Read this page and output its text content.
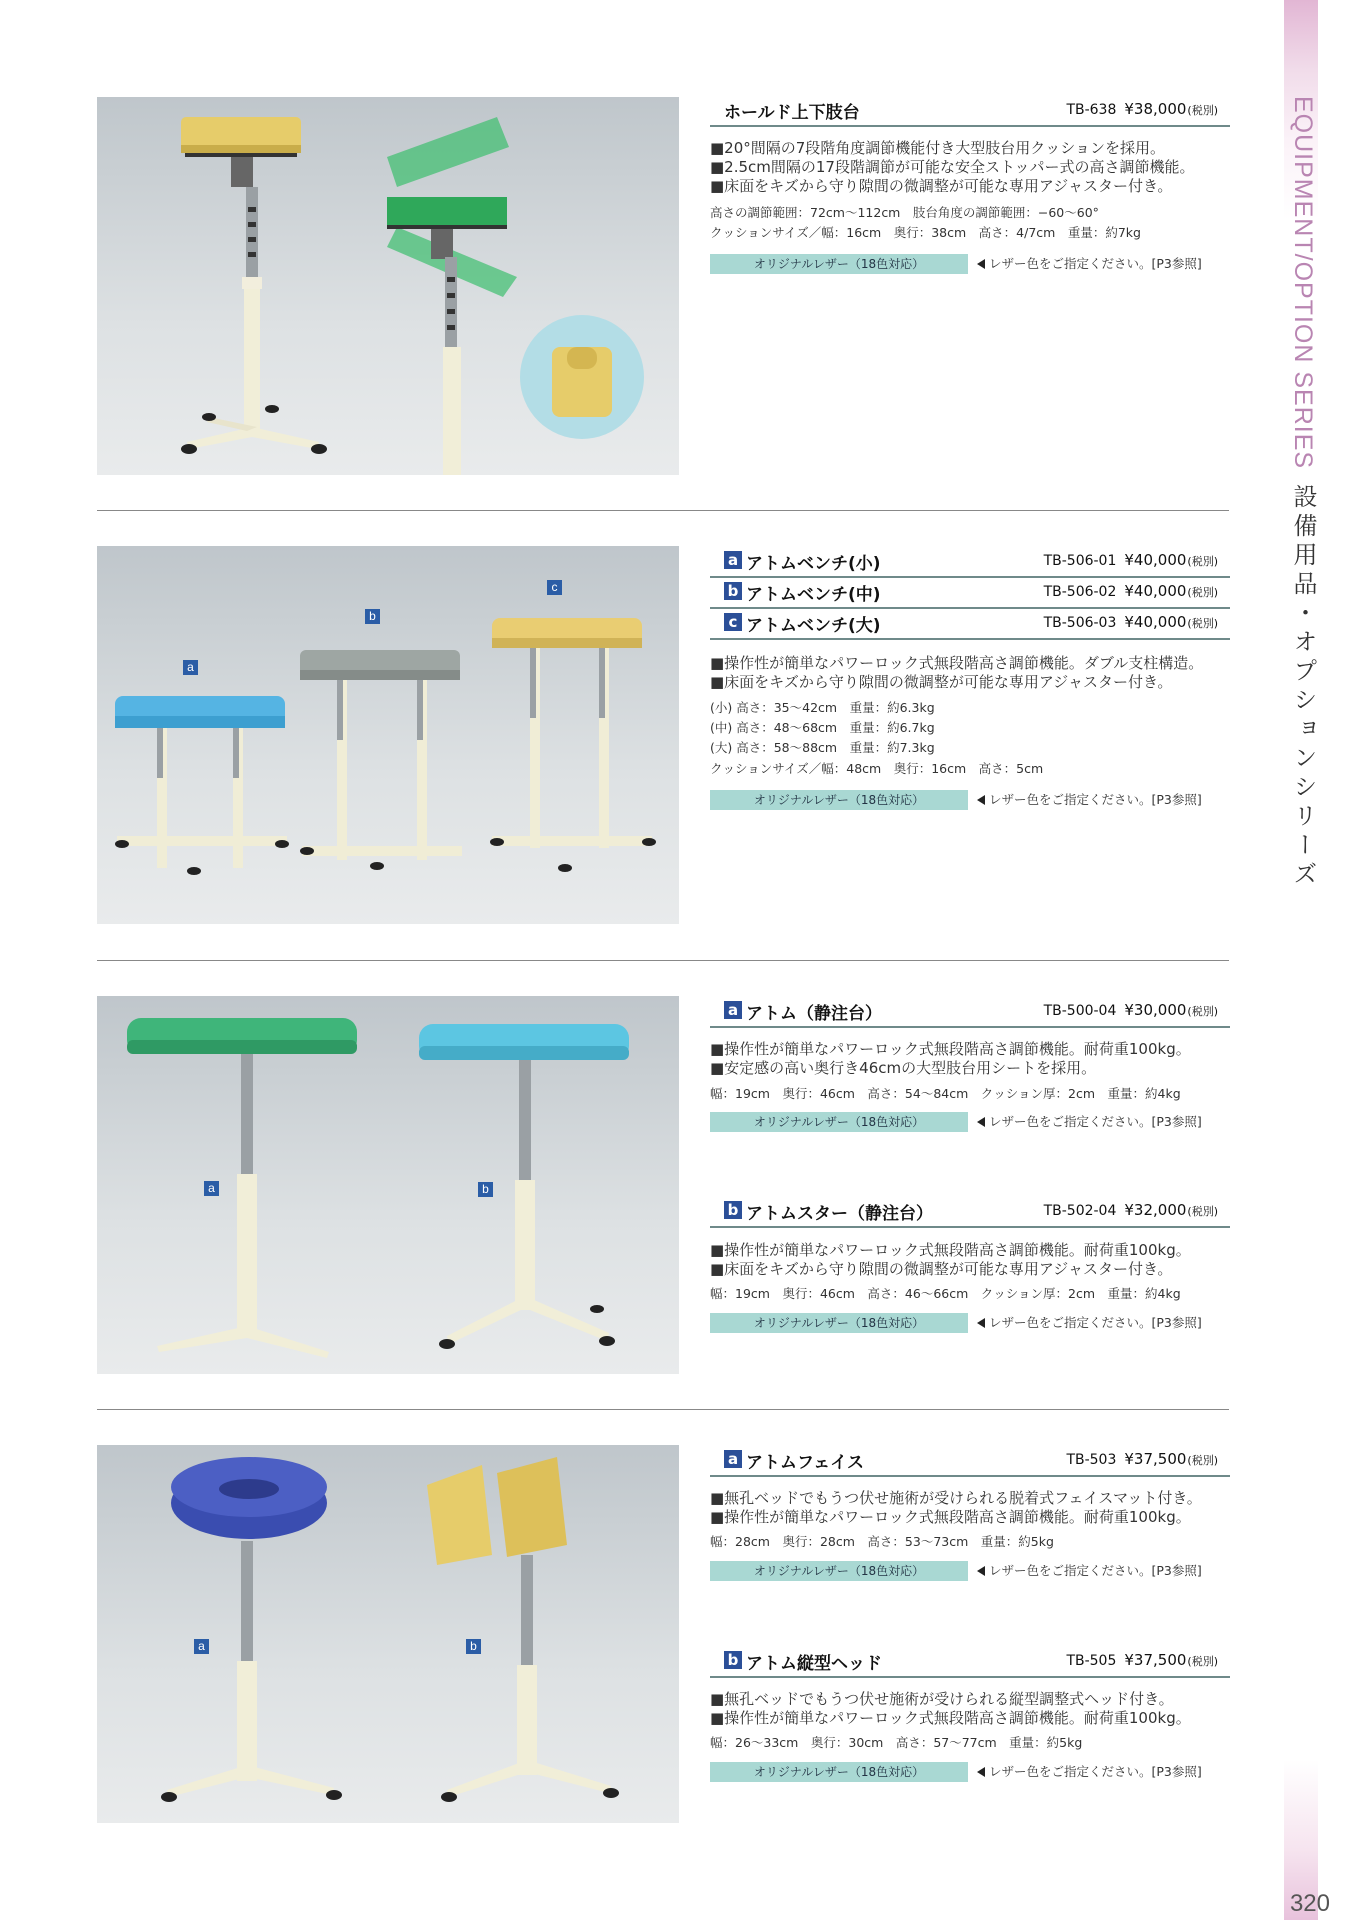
EQUIPMENT/OPTION SERIES
設備用品・オプションシリーズ
320
a
b
c
a	b
a	b
ホールド上下肢台	TB-638 ¥38,000(税別)
■20°間隔の7段階角度調節機能付き大型肢台用クッションを採用。
■2.5cm間隔の17段階調節が可能な安全ストッパー式の高さ調節機能。
■床面をキズから守り隙間の微調整が可能な専用アジャスター付き。
高さの調節範囲：72cm〜112cm　肢台角度の調節範囲：−60〜60°
クッションサイズ／幅：16cm　奥行：38cm　高さ：4/7cm　重量：約7kg
オリジナルレザー（18色対応）	レザー色をご指定ください。[P3参照]
a アトムベンチ(小)	TB-506-01 ¥40,000(税別)
b アトムベンチ(中)	TB-506-02 ¥40,000(税別)
c アトムベンチ(大)	TB-506-03 ¥40,000(税別)
■操作性が簡単なパワーロック式無段階高さ調節機能。ダブル支柱構造。
■床面をキズから守り隙間の微調整が可能な専用アジャスター付き。
(小) 高さ：35〜42cm　重量：約6.3kg
(中) 高さ：48〜68cm　重量：約6.7kg
(大) 高さ：58〜88cm　重量：約7.3kg
クッションサイズ／幅：48cm　奥行：16cm　高さ：5cm
オリジナルレザー（18色対応）	レザー色をご指定ください。[P3参照]
a アトム（静注台）	TB-500-04 ¥30,000(税別)
■操作性が簡単なパワーロック式無段階高さ調節機能。耐荷重100kg。
■安定感の高い奥行き46cmの大型肢台用シートを採用。
幅：19cm　奥行：46cm　高さ：54〜84cm　クッション厚：2cm　重量：約4kg
オリジナルレザー（18色対応）	レザー色をご指定ください。[P3参照]
b アトムスター（静注台）	TB-502-04 ¥32,000(税別)
■操作性が簡単なパワーロック式無段階高さ調節機能。耐荷重100kg。
■床面をキズから守り隙間の微調整が可能な専用アジャスター付き。
幅：19cm　奥行：46cm　高さ：46〜66cm　クッション厚：2cm　重量：約4kg
オリジナルレザー（18色対応）	レザー色をご指定ください。[P3参照]
a アトムフェイス	TB-503 ¥37,500(税別)
■無孔ベッドでもうつ伏せ施術が受けられる脱着式フェイスマット付き。
■操作性が簡単なパワーロック式無段階高さ調節機能。耐荷重100kg。
幅：28cm　奥行：28cm　高さ：53〜73cm　重量：約5kg
オリジナルレザー（18色対応）	レザー色をご指定ください。[P3参照]
b アトム縦型ヘッド	TB-505 ¥37,500(税別)
■無孔ベッドでもうつ伏せ施術が受けられる縦型調整式ヘッド付き。
■操作性が簡単なパワーロック式無段階高さ調節機能。耐荷重100kg。
幅：26〜33cm　奥行：30cm　高さ：57〜77cm　重量：約5kg
オリジナルレザー（18色対応）	レザー色をご指定ください。[P3参照]
